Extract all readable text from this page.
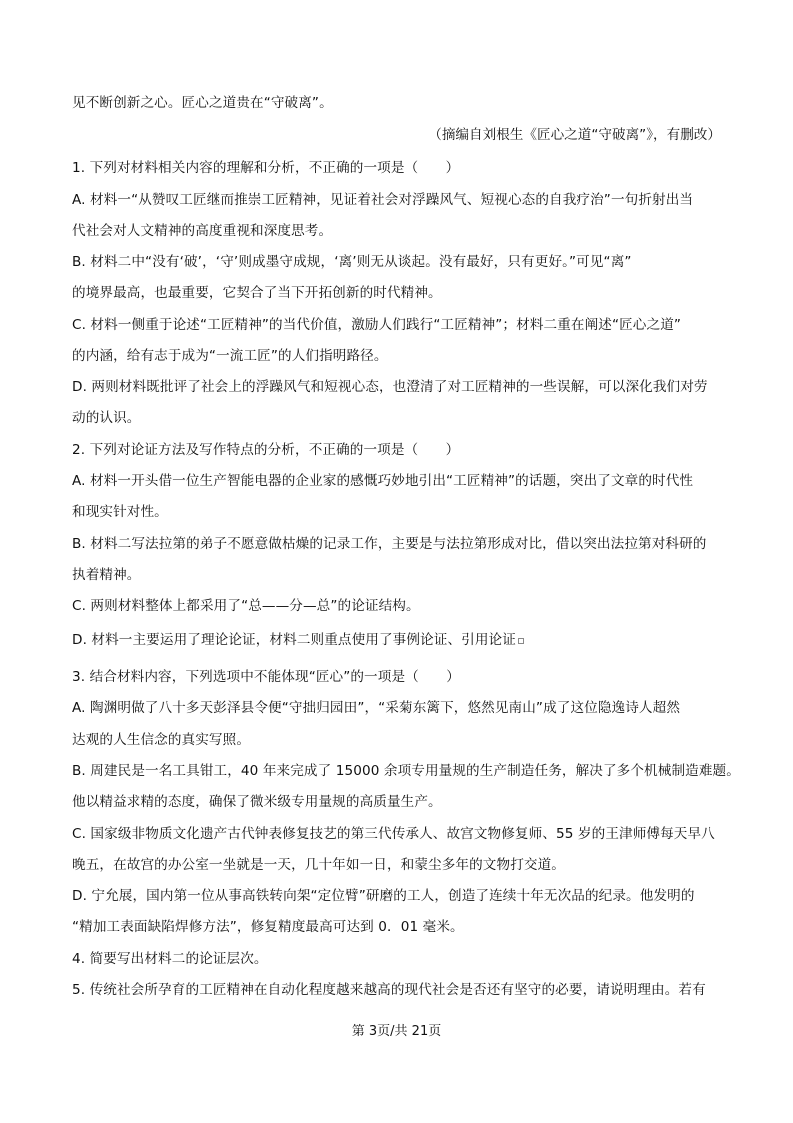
见不断创新之心。匠心之道贵在“守破离”。
（摘编自刘根生《匠心之道“守破离”》，有删改）
1. 下列对材料相关内容的理解和分析，不正确的一项是（　　）
A. 材料一“从赞叹工匠继而推崇工匠精神，见证着社会对浮躁风气、短视心态的自我疗治”一句折射出当
代社会对人文精神的高度重视和深度思考。
B. 材料二中“没有‘破’，‘守’则成墨守成规，‘离’则无从谈起。没有最好，只有更好。”可见“离”
的境界最高，也最重要，它契合了当下开拓创新的时代精神。
C. 材料一侧重于论述“工匠精神”的当代价值，激励人们践行“工匠精神”；材料二重在阐述“匠心之道”
的内涵，给有志于成为“一流工匠”的人们指明路径。
D. 两则材料既批评了社会上的浮躁风气和短视心态，也澄清了对工匠精神的一些误解，可以深化我们对劳
动的认识。
2. 下列对论证方法及写作特点的分析，不正确的一项是（　　）
A. 材料一开头借一位生产智能电器的企业家的感慨巧妙地引出“工匠精神”的话题，突出了文章的时代性
和现实针对性。
B. 材料二写法拉第的弟子不愿意做枯燥的记录工作，主要是与法拉第形成对比，借以突出法拉第对科研的
执着精神。
C. 两则材料整体上都采用了“总——分—总”的论证结构。
D. 材料一主要运用了理论论证，材料二则重点使用了事例论证、引用论证
3. 结合材料内容，下列选项中不能体现“匠心”的一项是（　　）
A. 陶渊明做了八十多天彭泽县令便“守拙归园田”，“采菊东篱下，悠然见南山”成了这位隐逸诗人超然
达观的人生信念的真实写照。
B. 周建民是一名工具钳工，40 年来完成了 15000 余项专用量规的生产制造任务，解决了多个机械制造难题。
他以精益求精的态度，确保了微米级专用量规的高质量生产。
C. 国家级非物质文化遗产古代钟表修复技艺的第三代传承人、故宫文物修复师、55 岁的王津师傅每天早八
晚五，在故宫的办公室一坐就是一天，几十年如一日，和蒙尘多年的文物打交道。
D. 宁允展，国内第一位从事高铁转向架“定位臂”研磨的工人，创造了连续十年无次品的纪录。他发明的
“精加工表面缺陷焊修方法”，修复精度最高可达到 0．01 毫米。
4. 简要写出材料二的论证层次。
5. 传统社会所孕育的工匠精神在自动化程度越来越高的现代社会是否还有坚守的必要，请说明理由。若有
第 3页/共 21页
